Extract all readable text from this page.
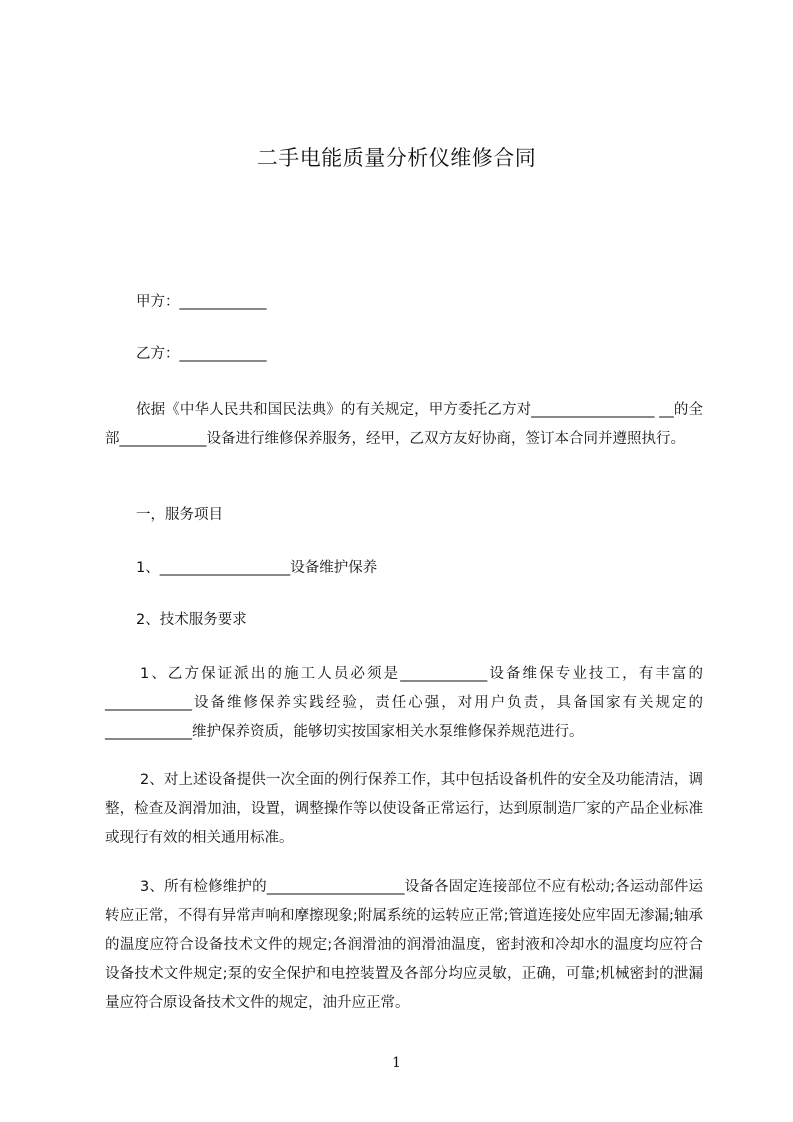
二手电能质量分析仪维修合同
甲方：____________
乙方：____________
依据《中华人民共和国民法典》的有关规定，甲方委托乙方对_________________ __的全部____________设备进行维修保养服务，经甲，乙双方友好协商，签订本合同并遵照执行。
一，服务项目
1、__________________设备维护保养
2、技术服务要求
1、乙方保证派出的施工人员必须是____________设备维保专业技工，有丰富的____________设备维修保养实践经验，责任心强，对用户负责，具备国家有关规定的____________维护保养资质，能够切实按国家相关水泵维修保养规范进行。
2、对上述设备提供一次全面的例行保养工作，其中包括设备机件的安全及功能清洁，调整，检查及润滑加油，设置，调整操作等以使设备正常运行，达到原制造厂家的产品企业标准或现行有效的相关通用标准。
3、所有检修维护的___________________设备各固定连接部位不应有松动;各运动部件运转应正常，不得有异常声响和摩擦现象;附属系统的运转应正常;管道连接处应牢固无渗漏;轴承的温度应符合设备技术文件的规定;各润滑油的润滑油温度，密封液和冷却水的温度均应符合设备技术文件规定;泵的安全保护和电控装置及各部分均应灵敏，正确，可靠;机械密封的泄漏量应符合原设备技术文件的规定，油升应正常。
1
